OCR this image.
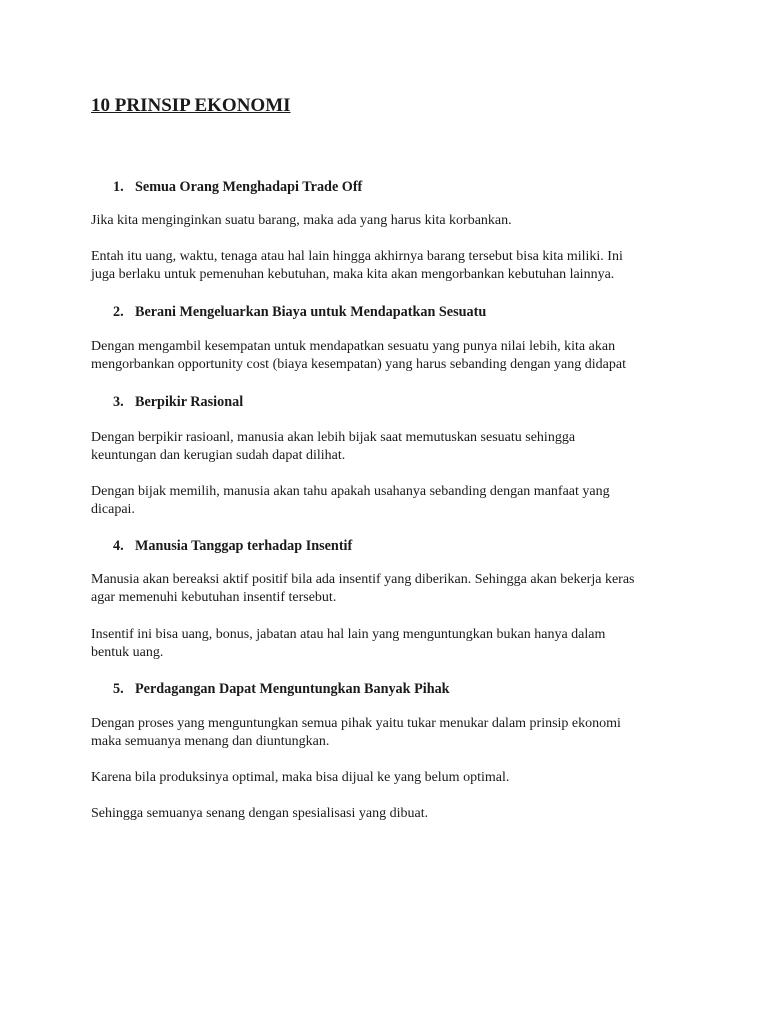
10 PRINSIP EKONOMI
1. Semua Orang Menghadapi Trade Off
Jika kita menginginkan suatu barang, maka ada yang harus kita korbankan.
Entah itu uang, waktu, tenaga atau hal lain hingga akhirnya barang tersebut bisa kita miliki. Ini
juga berlaku untuk pemenuhan kebutuhan, maka kita akan mengorbankan kebutuhan lainnya.
2. Berani Mengeluarkan Biaya untuk Mendapatkan Sesuatu
Dengan mengambil kesempatan untuk mendapatkan sesuatu yang punya nilai lebih, kita akan
mengorbankan opportunity cost (biaya kesempatan) yang harus sebanding dengan yang didapat
3. Berpikir Rasional
Dengan berpikir rasioanl, manusia akan lebih bijak saat memutuskan sesuatu sehingga
keuntungan dan kerugian sudah dapat dilihat.
Dengan bijak memilih, manusia akan tahu apakah usahanya sebanding dengan manfaat yang
dicapai.
4. Manusia Tanggap terhadap Insentif
Manusia akan bereaksi aktif positif bila ada insentif yang diberikan. Sehingga akan bekerja keras
agar memenuhi kebutuhan insentif tersebut.
Insentif ini bisa uang, bonus, jabatan atau hal lain yang menguntungkan bukan hanya dalam
bentuk uang.
5. Perdagangan Dapat Menguntungkan Banyak Pihak
Dengan proses yang menguntungkan semua pihak yaitu tukar menukar dalam prinsip ekonomi
maka semuanya menang dan diuntungkan.
Karena bila produksinya optimal, maka bisa dijual ke yang belum optimal.
Sehingga semuanya senang dengan spesialisasi yang dibuat.
